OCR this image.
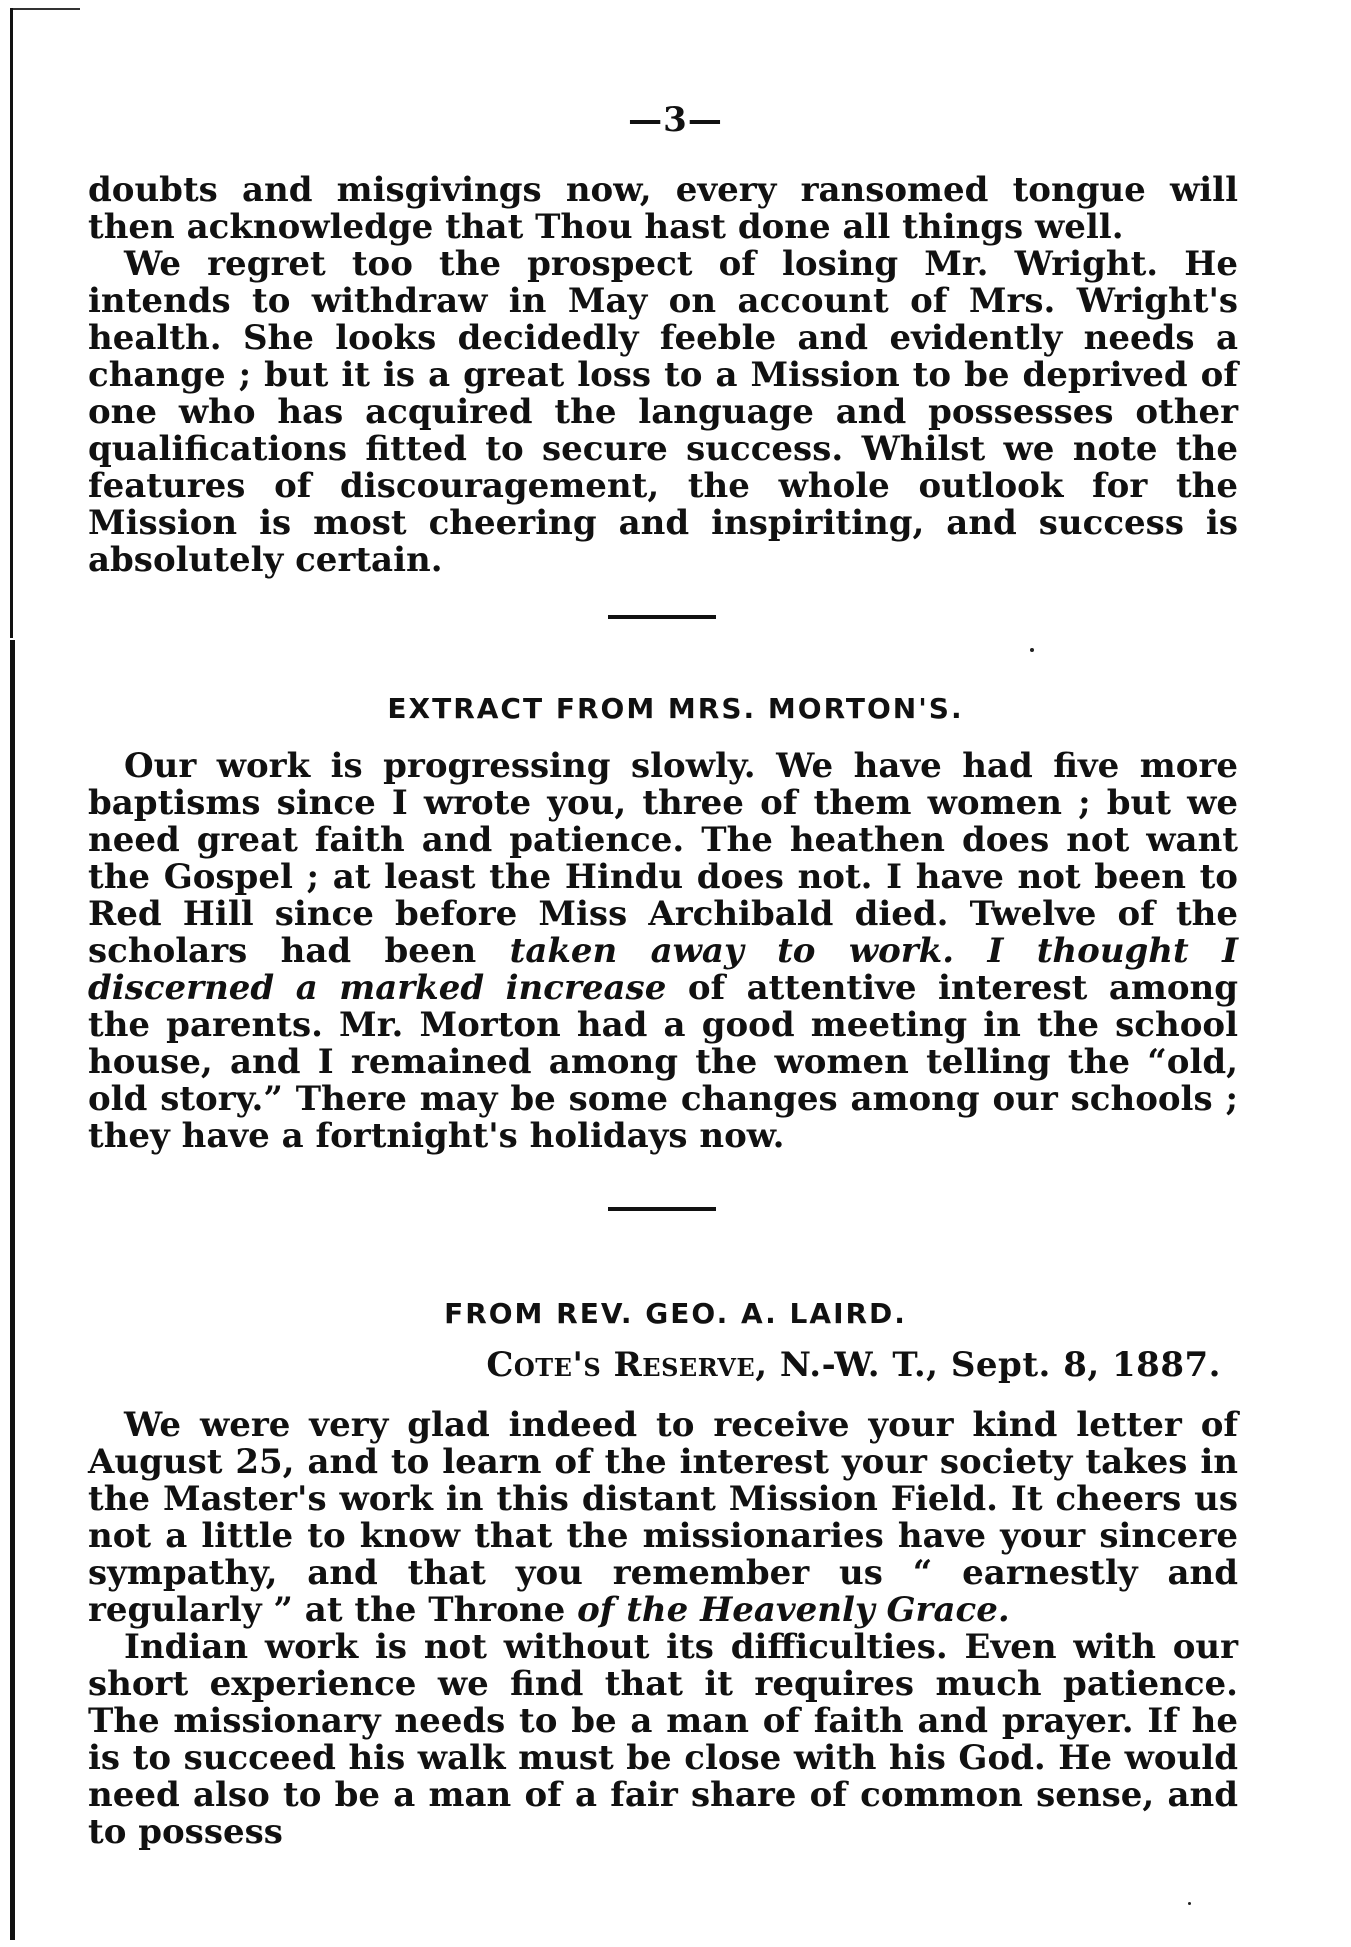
—3—

doubts and misgivings now, every ransomed tongue will then acknowledge that Thou hast done all things well.

We regret too the prospect of losing Mr. Wright. He intends to withdraw in May on account of Mrs. Wright's health. She looks decidedly feeble and evidently needs a change ; but it is a great loss to a Mission to be deprived of one who has acquired the language and possesses other qualifications fitted to secure success. Whilst we note the features of discouragement, the whole outlook for the Mission is most cheering and inspiriting, and success is absolutely certain.

EXTRACT FROM MRS. MORTON'S.

Our work is progressing slowly. We have had five more baptisms since I wrote you, three of them women ; but we need great faith and patience. The heathen does not want the Gospel ; at least the Hindu does not. I have not been to Red Hill since before Miss Archibald died. Twelve of the scholars had been taken away to work. I thought I discerned a marked increase of attentive interest among the parents. Mr. Morton had a good meeting in the school house, and I remained among the women telling the “old, old story.” There may be some changes among our schools ; they have a fortnight's holidays now.

FROM REV. GEO. A. LAIRD.
Cote's Reserve, N.-W. T., Sept. 8, 1887.

We were very glad indeed to receive your kind letter of August 25, and to learn of the interest your society takes in the Master's work in this distant Mission Field. It cheers us not a little to know that the missionaries have your sincere sympathy, and that you remember us “ earnestly and regularly ” at the Throne of the Heavenly Grace.

Indian work is not without its difficulties. Even with our short experience we find that it requires much patience. The missionary needs to be a man of faith and prayer. If he is to succeed his walk must be close with his God. He would need also to be a man of a fair share of common sense, and to possess
